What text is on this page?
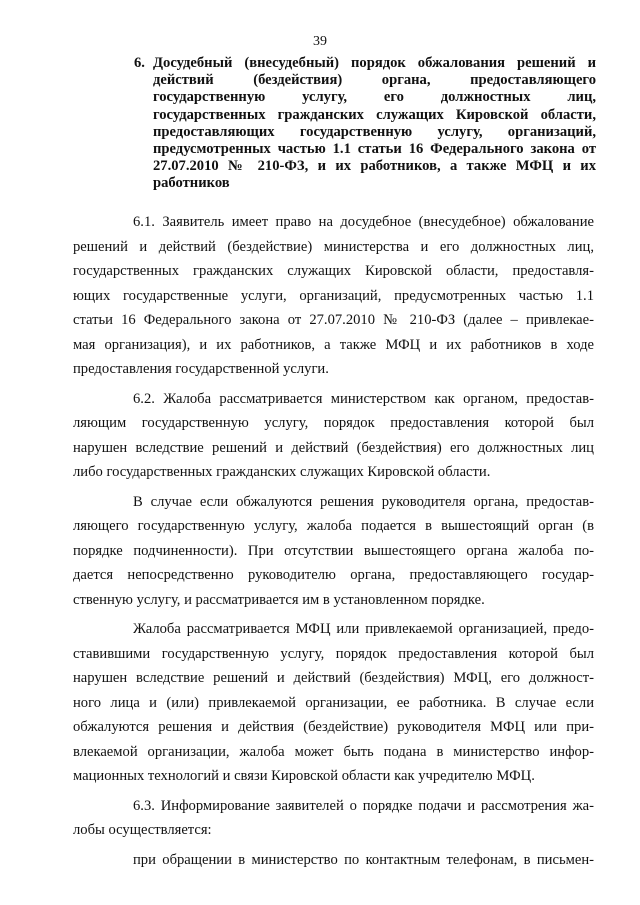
39
6. Досудебный (внесудебный) порядок обжалования решений и
действий (бездействия) органа, предоставляющего
государственную услугу, его должностных лиц,
государственных гражданских служащих Кировской области,
предоставляющих государственную услугу, организаций,
предусмотренных частью 1.1 статьи 16 Федерального закона от
27.07.2010 № 210-ФЗ, и их работников, а также МФЦ и их
работников
6.1. Заявитель имеет право на досудебное (внесудебное) обжалование
решений и действий (бездействие) министерства и его должностных лиц,
государственных гражданских служащих Кировской области, предоставля-
ющих государственные услуги, организаций, предусмотренных частью 1.1
статьи 16 Федерального закона от 27.07.2010 № 210-ФЗ (далее – привлекае-
мая организация), и их работников, а также МФЦ и их работников в ходе
предоставления государственной услуги.
6.2. Жалоба рассматривается министерством как органом, предостав-
ляющим государственную услугу, порядок предоставления которой был
нарушен вследствие решений и действий (бездействия) его должностных лиц
либо государственных гражданских служащих Кировской области.
В случае если обжалуются решения руководителя органа, предостав-
ляющего государственную услугу, жалоба подается в вышестоящий орган (в
порядке подчиненности). При отсутствии вышестоящего органа жалоба по-
дается непосредственно руководителю органа, предоставляющего государ-
ственную услугу, и рассматривается им в установленном порядке.
Жалоба рассматривается МФЦ или привлекаемой организацией, предо-
ставившими государственную услугу, порядок предоставления которой был
нарушен вследствие решений и действий (бездействия) МФЦ, его должност-
ного лица и (или) привлекаемой организации, ее работника. В случае если
обжалуются решения и действия (бездействие) руководителя МФЦ или при-
влекаемой организации, жалоба может быть подана в министерство инфор-
мационных технологий и связи Кировской области как учредителю МФЦ.
6.3. Информирование заявителей о порядке подачи и рассмотрения жа-
лобы осуществляется:
при обращении в министерство по контактным телефонам, в письмен-
